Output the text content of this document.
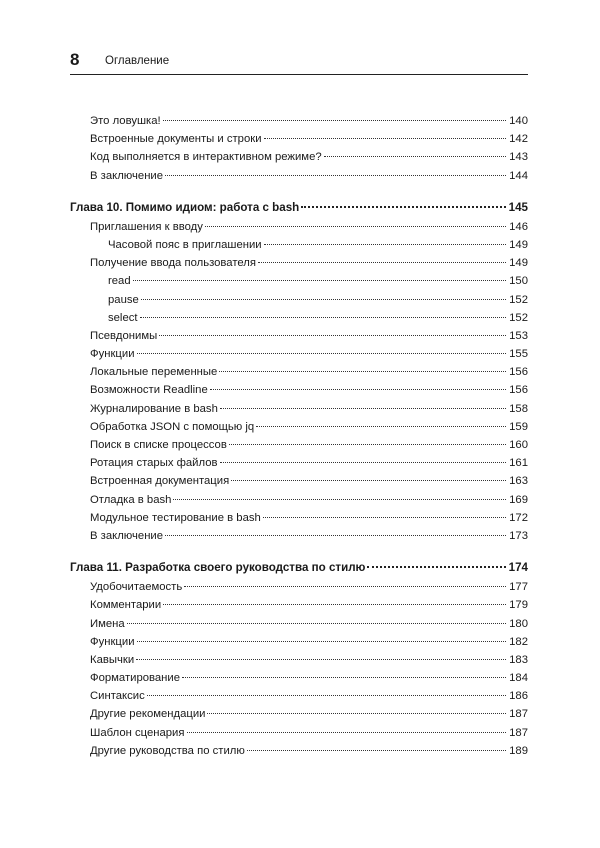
8 Оглавление
Это ловушка!	140
Встроенные документы и строки	142
Код выполняется в интерактивном режиме?	143
В заключение	144
Глава 10. Помимо идиом: работа с bash	145
Приглашения к вводу	146
Часовой пояс в приглашении	149
Получение ввода пользователя	149
read	150
pause	152
select	152
Псевдонимы	153
Функции	155
Локальные переменные	156
Возможности Readline	156
Журналирование в bash	158
Обработка JSON с помощью jq	159
Поиск в списке процессов	160
Ротация старых файлов	161
Встроенная документация	163
Отладка в bash	169
Модульное тестирование в bash	172
В заключение	173
Глава 11. Разработка своего руководства по стилю	174
Удобочитаемость	177
Комментарии	179
Имена	180
Функции	182
Кавычки	183
Форматирование	184
Синтаксис	186
Другие рекомендации	187
Шаблон сценария	187
Другие руководства по стилю	189
